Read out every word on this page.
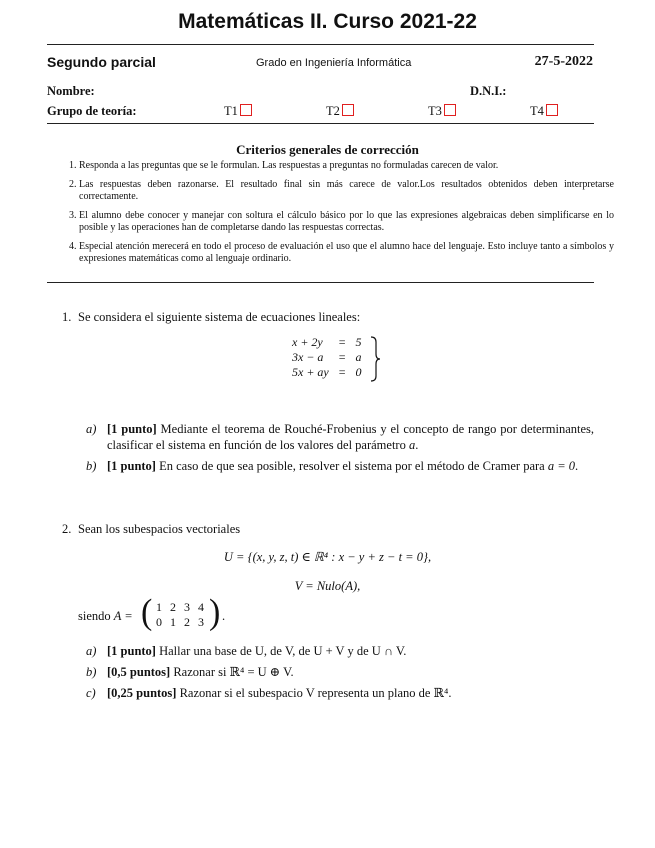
Matemáticas II. Curso 2021-22
Segundo parcial	Grado en Ingeniería Informática	27-5-2022
Nombre:	D.N.I.:
Grupo de teoría:	T1	T2	T3	T4
Criterios generales de corrección
1. Responda a las preguntas que se le formulan. Las respuestas a preguntas no formuladas carecen de valor.
2. Las respuestas deben razonarse. El resultado final sin más carece de valor.Los resultados obtenidos deben interpretarse correctamente.
3. El alumno debe conocer y manejar con soltura el cálculo básico por lo que las expresiones algebraicas deben simplificarse en lo posible y las operaciones han de completarse dando las respuestas correctas.
4. Especial atención merecerá en todo el proceso de evaluación el uso que el alumno hace del lenguaje. Esto incluye tanto a símbolos y expresiones matemáticas como al lenguaje ordinario.
1. Se considera el siguiente sistema de ecuaciones lineales:
x + 2y	=	5
3x − a	=	a
5x + ay	=	0
a) [1 punto] Mediante el teorema de Rouché-Frobenius y el concepto de rango por determinantes, clasificar el sistema en función de los valores del parámetro a.
b) [1 punto] En caso de que sea posible, resolver el sistema por el método de Cramer para a = 0.
2. Sean los subespacios vectoriales
U = {(x, y, z, t) ∈ ℝ⁴ : x − y + z − t = 0},
V = Nulo(A),
siendo A = ( )
1	2	3	4
0	1	2	3 .
a) [1 punto] Hallar una base de U, de V, de U + V y de U ∩ V.
b) [0,5 puntos] Razonar si ℝ⁴ = U ⊕ V.
c) [0,25 puntos] Razonar si el subespacio V representa un plano de ℝ⁴.
